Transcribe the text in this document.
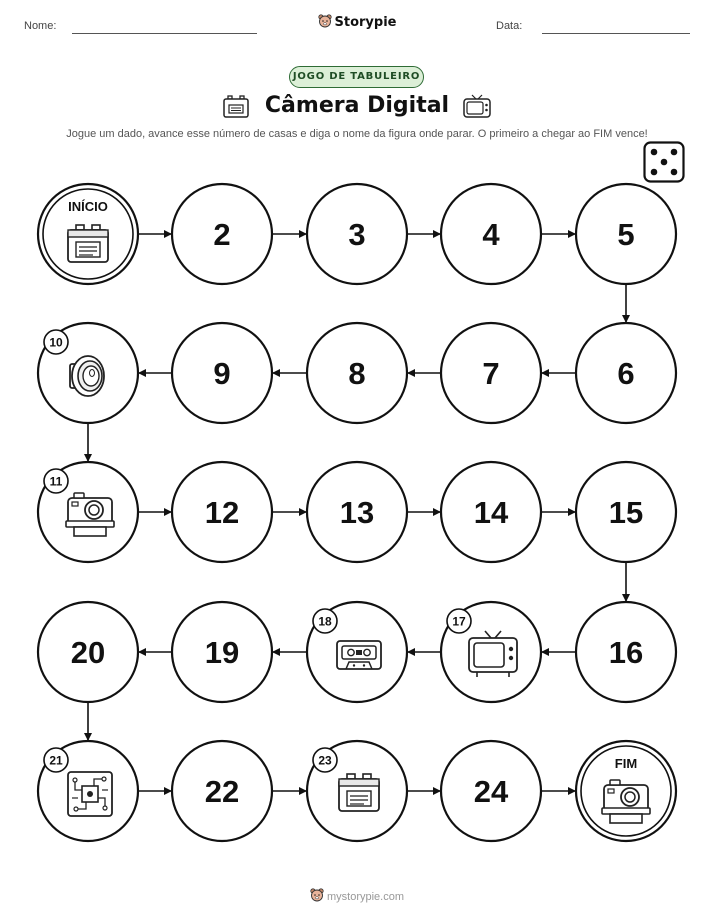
Nome:	Storypie	Data:
JOGO DE TABULEIRO
Câmera Digital
Jogue um dado, avance esse número de casas e diga o nome da figura onde parar. O primeiro a chegar ao FIM vence!
INÍCIO
2	3	4	5
6
7
8
9
10
11
12	13	14	15
16
17
18
19
20
21
22
23
24
FIM
mystorypie.com
